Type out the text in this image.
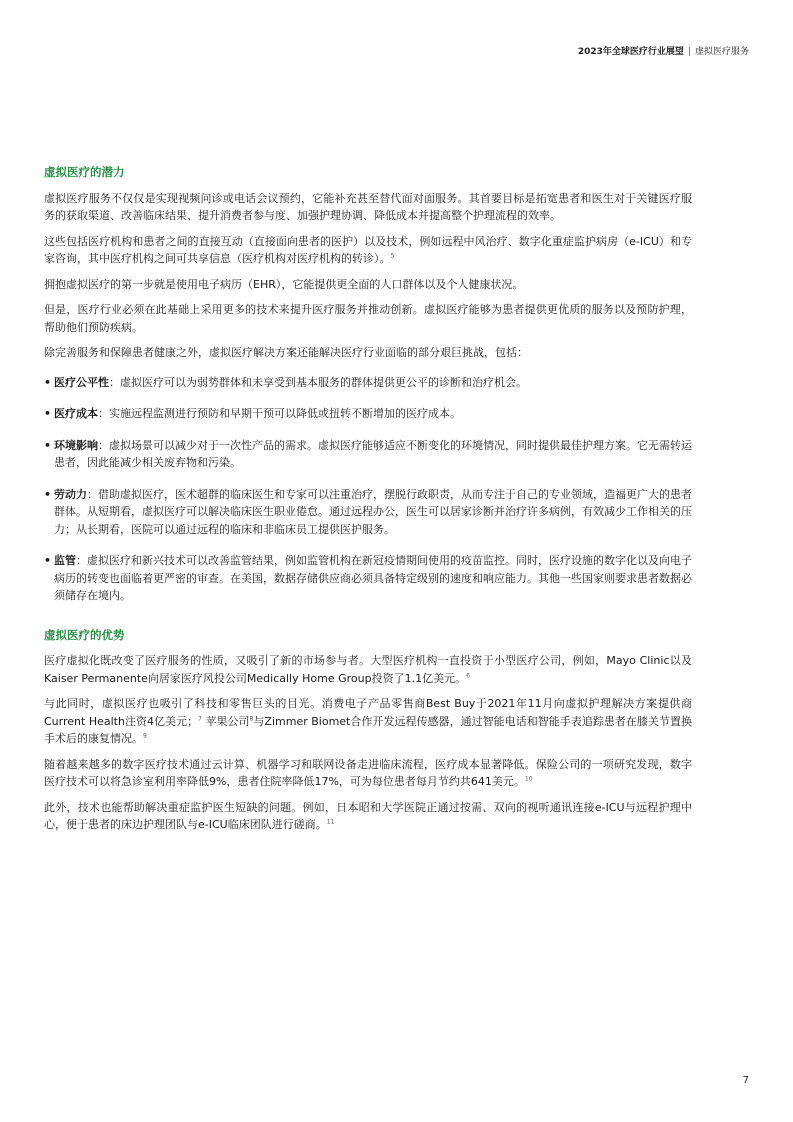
2023年全球医疗行业展望 | 虚拟医疗服务
虚拟医疗的潜力

虚拟医疗服务不仅仅是实现视频问诊或电话会议预约，它能补充甚至替代面对面服务。其首要目标是拓宽患者和医生对于关键医疗服务的获取渠道、改善临床结果、提升消费者参与度、加强护理协调、降低成本并提高整个护理流程的效率。

这些包括医疗机构和患者之间的直接互动（直接面向患者的医护）以及技术，例如远程中风治疗、数字化重症监护病房（e-ICU）和专家咨询，其中医疗机构之间可共享信息（医疗机构对医疗机构的转诊）。$^5$

拥抱虚拟医疗的第一步就是使用电子病历（EHR），它能提供更全面的人口群体以及个人健康状况。

但是，医疗行业必须在此基础上采用更多的技术来提升医疗服务并推动创新。虚拟医疗能够为患者提供更优质的服务以及预防护理，帮助他们预防疾病。

除完善服务和保障患者健康之外，虚拟医疗解决方案还能解决医疗行业面临的部分艰巨挑战，包括：

• 医疗公平性：虚拟医疗可以为弱势群体和未享受到基本服务的群体提供更公平的诊断和治疗机会。
• 医疗成本：实施远程监测进行预防和早期干预可以降低或扭转不断增加的医疗成本。
• 环境影响：虚拟场景可以减少对于一次性产品的需求。虚拟医疗能够适应不断变化的环境情况，同时提供最佳护理方案。它无需转运患者，因此能减少相关废弃物和污染。
• 劳动力：借助虚拟医疗，医术超群的临床医生和专家可以注重治疗，摆脱行政职责，从而专注于自己的专业领域，造福更广大的患者群体。从短期看，虚拟医疗可以解决临床医生职业倦怠。通过远程办公，医生可以居家诊断并治疗许多病例，有效减少工作相关的压力；从长期看，医院可以通过远程的临床和非临床员工提供医护服务。
• 监管：虚拟医疗和新兴技术可以改善监管结果，例如监管机构在新冠疫情期间使用的疫苗监控。同时，医疗设施的数字化以及向电子病历的转变也面临着更严密的审查。在美国，数据存储供应商必须具备特定级别的速度和响应能力。其他一些国家则要求患者数据必须储存在境内。
虚拟医疗的优势

医疗虚拟化既改变了医疗服务的性质，又吸引了新的市场参与者。大型医疗机构一直投资于小型医疗公司，例如，Mayo Clinic以及Kaiser Permanente向居家医疗风投公司Medically Home Group投资了1.1亿美元。$^6$

与此同时，虚拟医疗也吸引了科技和零售巨头的目光。消费电子产品零售商Best Buy于2021年11月向虚拟护理解决方案提供商Current Health注资4亿美元；$^7$ 苹果公司$^8$与Zimmer Biomet合作开发远程传感器，通过智能电话和智能手表追踪患者在膝关节置换手术后的康复情况。$^9$

随着越来越多的数字医疗技术通过云计算、机器学习和联网设备走进临床流程，医疗成本显著降低。保险公司的一项研究发现，数字医疗技术可以将急诊室利用率降低9%，患者住院率降低17%，可为每位患者每月节约共641美元。$^{10}$

此外，技术也能帮助解决重症监护医生短缺的问题。例如，日本昭和大学医院正通过按需、双向的视听通讯连接e-ICU与远程护理中心，便于患者的床边护理团队与e-ICU临床团队进行磋商。$^{11}$

7
